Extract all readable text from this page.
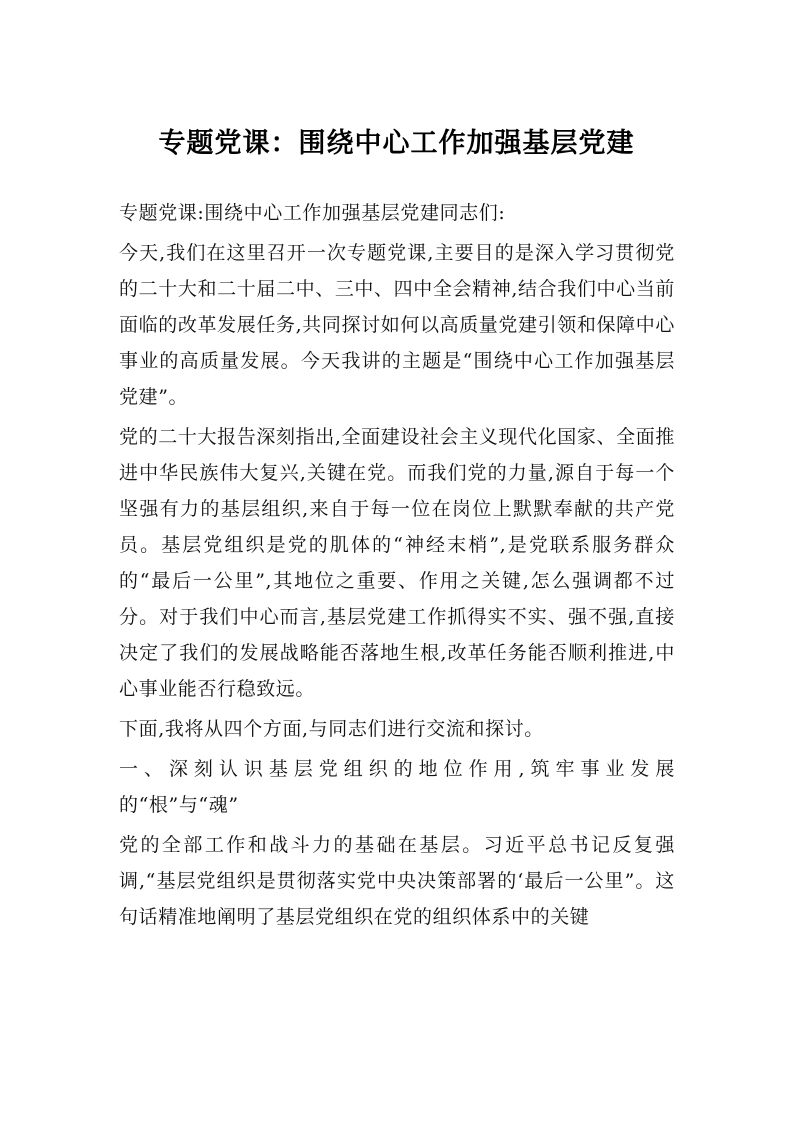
专题党课：围绕中心工作加强基层党建

专题党课:围绕中心工作加强基层党建同志们:

今天,我们在这里召开一次专题党课,主要目的是深入学习贯彻党的二十大和二十届二中、三中、四中全会精神,结合我们中心当前面临的改革发展任务,共同探讨如何以高质量党建引领和保障中心事业的高质量发展。今天我讲的主题是“围绕中心工作加强基层党建”。

党的二十大报告深刻指出,全面建设社会主义现代化国家、全面推进中华民族伟大复兴,关键在党。而我们党的力量,源自于每一个坚强有力的基层组织,来自于每一位在岗位上默默奉献的共产党员。基层党组织是党的肌体的“神经末梢”,是党联系服务群众的“最后一公里”,其地位之重要、作用之关键,怎么强调都不过分。对于我们中心而言,基层党建工作抓得实不实、强不强,直接决定了我们的发展战略能否落地生根,改革任务能否顺利推进,中心事业能否行稳致远。

下面,我将从四个方面,与同志们进行交流和探讨。

一、深刻认识基层党组织的地位作用,筑牢事业发展的“根”与“魂”

党的全部工作和战斗力的基础在基层。习近平总书记反复强调,“基层党组织是贯彻落实党中央决策部署的‘最后一公里”。这句话精准地阐明了基层党组织在党的组织体系中的关键
